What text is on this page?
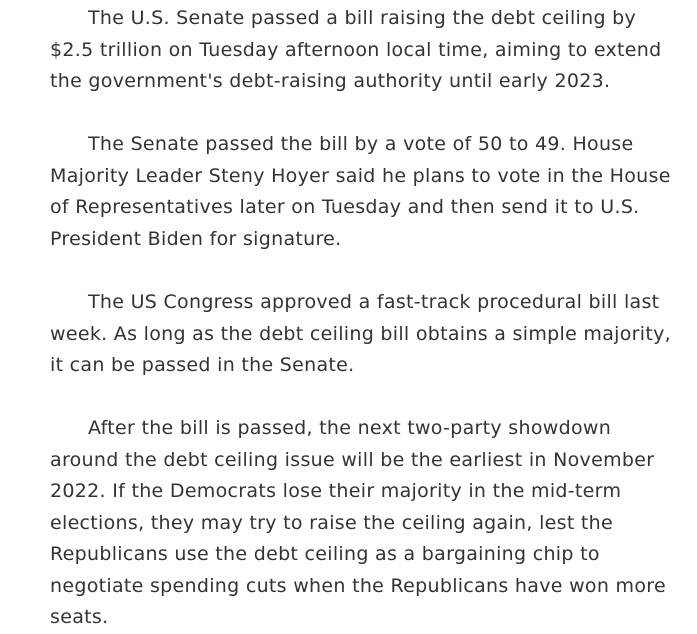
The U.S. Senate passed a bill raising the debt ceiling by $2.5 trillion on Tuesday afternoon local time, aiming to extend the government's debt-raising authority until early 2023.

The Senate passed the bill by a vote of 50 to 49. House Majority Leader Steny Hoyer said he plans to vote in the House of Representatives later on Tuesday and then send it to U.S. President Biden for signature.

The US Congress approved a fast-track procedural bill last week. As long as the debt ceiling bill obtains a simple majority, it can be passed in the Senate.

After the bill is passed, the next two-party showdown around the debt ceiling issue will be the earliest in November 2022. If the Democrats lose their majority in the mid-term elections, they may try to raise the ceiling again, lest the Republicans use the debt ceiling as a bargaining chip to negotiate spending cuts when the Republicans have won more seats.
